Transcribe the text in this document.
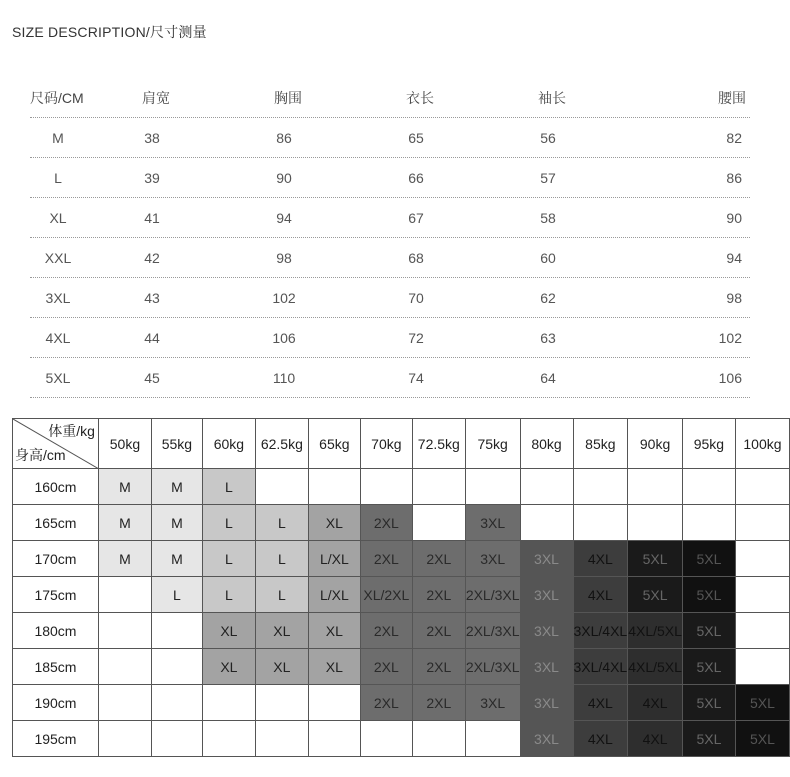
SIZE DESCRIPTION/尺寸测量
尺码/CM	肩宽	胸围	衣长	袖长	腰围
M	38	86	65	56	82
L	39	90	66	57	86
XL	41	94	67	58	90
XXL	42	98	68	60	94
3XL	43	102	70	62	98
4XL	44	106	72	63	102
5XL	45	110	74	64	106
体重/kg
身高/cm	50kg	55kg	60kg	62.5kg	65kg	70kg	72.5kg	75kg	80kg	85kg	90kg	95kg	100kg
160cm	M	M	L										
165cm	M	M	L	L	XL	2XL		3XL					
170cm	M	M	L	L	L/XL	2XL	2XL	3XL	3XL	4XL	5XL	5XL	
175cm		L	L	L	L/XL	XL/2XL	2XL	2XL/3XL	3XL	4XL	5XL	5XL	
180cm			XL	XL	XL	2XL	2XL	2XL/3XL	3XL	3XL/4XL	4XL/5XL	5XL	
185cm			XL	XL	XL	2XL	2XL	2XL/3XL	3XL	3XL/4XL	4XL/5XL	5XL	
190cm						2XL	2XL	3XL	3XL	4XL	4XL	5XL	5XL
195cm									3XL	4XL	4XL	5XL	5XL
